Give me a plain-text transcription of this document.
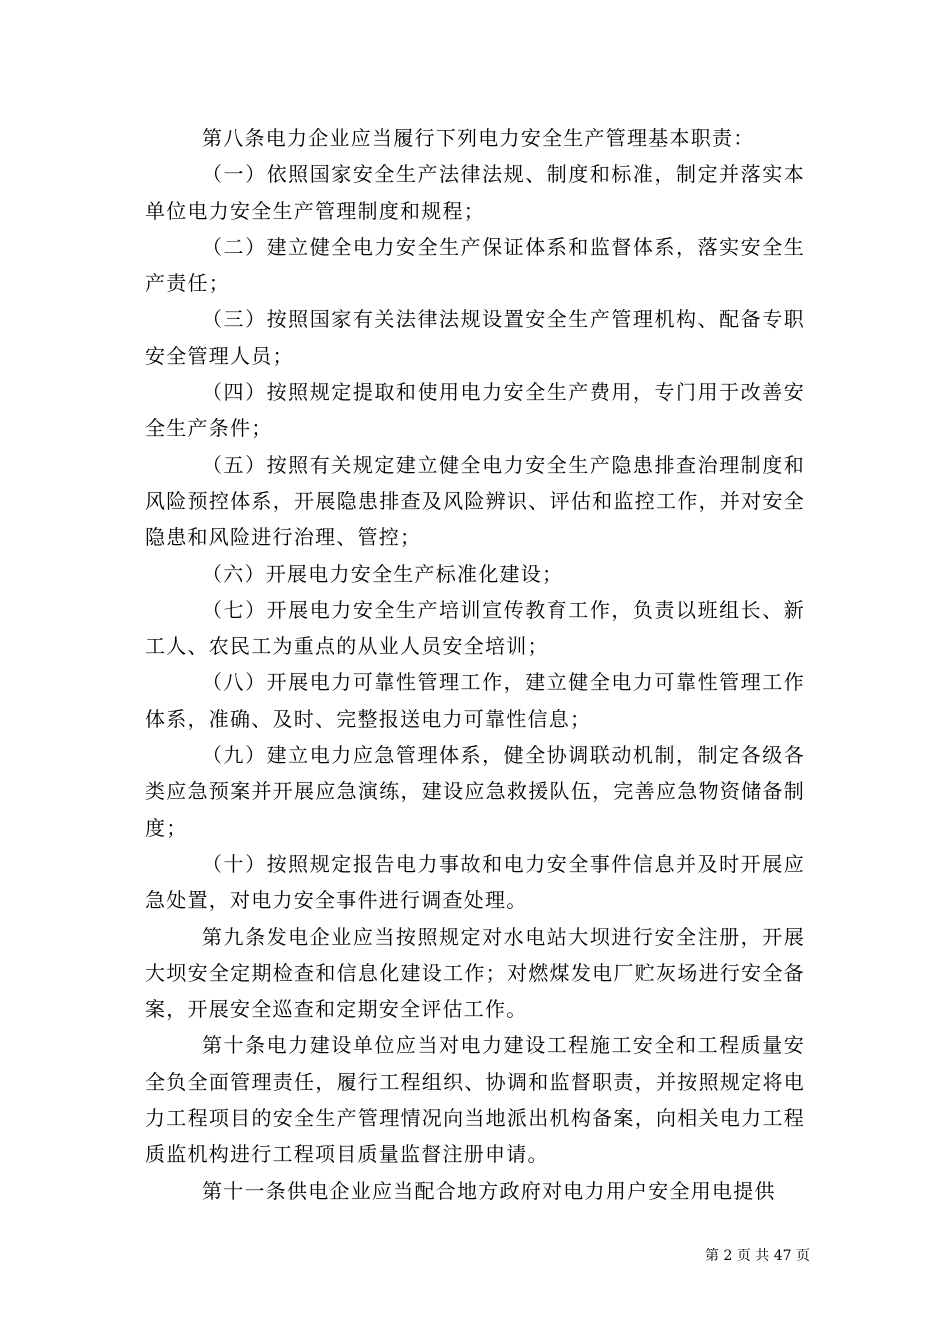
第八条电力企业应当履行下列电力安全生产管理基本职责：

（一）依照国家安全生产法律法规、制度和标准，制定并落实本单位电力安全生产管理制度和规程；

（二）建立健全电力安全生产保证体系和监督体系，落实安全生产责任；

（三）按照国家有关法律法规设置安全生产管理机构、配备专职安全管理人员；

（四）按照规定提取和使用电力安全生产费用，专门用于改善安全生产条件；

（五）按照有关规定建立健全电力安全生产隐患排查治理制度和风险预控体系，开展隐患排查及风险辨识、评估和监控工作，并对安全隐患和风险进行治理、管控；

（六）开展电力安全生产标准化建设；

（七）开展电力安全生产培训宣传教育工作，负责以班组长、新工人、农民工为重点的从业人员安全培训；

（八）开展电力可靠性管理工作，建立健全电力可靠性管理工作体系，准确、及时、完整报送电力可靠性信息；

（九）建立电力应急管理体系，健全协调联动机制，制定各级各类应急预案并开展应急演练，建设应急救援队伍，完善应急物资储备制度；

（十）按照规定报告电力事故和电力安全事件信息并及时开展应急处置，对电力安全事件进行调查处理。

第九条发电企业应当按照规定对水电站大坝进行安全注册，开展大坝安全定期检查和信息化建设工作；对燃煤发电厂贮灰场进行安全备案，开展安全巡查和定期安全评估工作。

第十条电力建设单位应当对电力建设工程施工安全和工程质量安全负全面管理责任，履行工程组织、协调和监督职责，并按照规定将电力工程项目的安全生产管理情况向当地派出机构备案，向相关电力工程质监机构进行工程项目质量监督注册申请。

第十一条供电企业应当配合地方政府对电力用户安全用电提供

第 2 页 共 47 页
